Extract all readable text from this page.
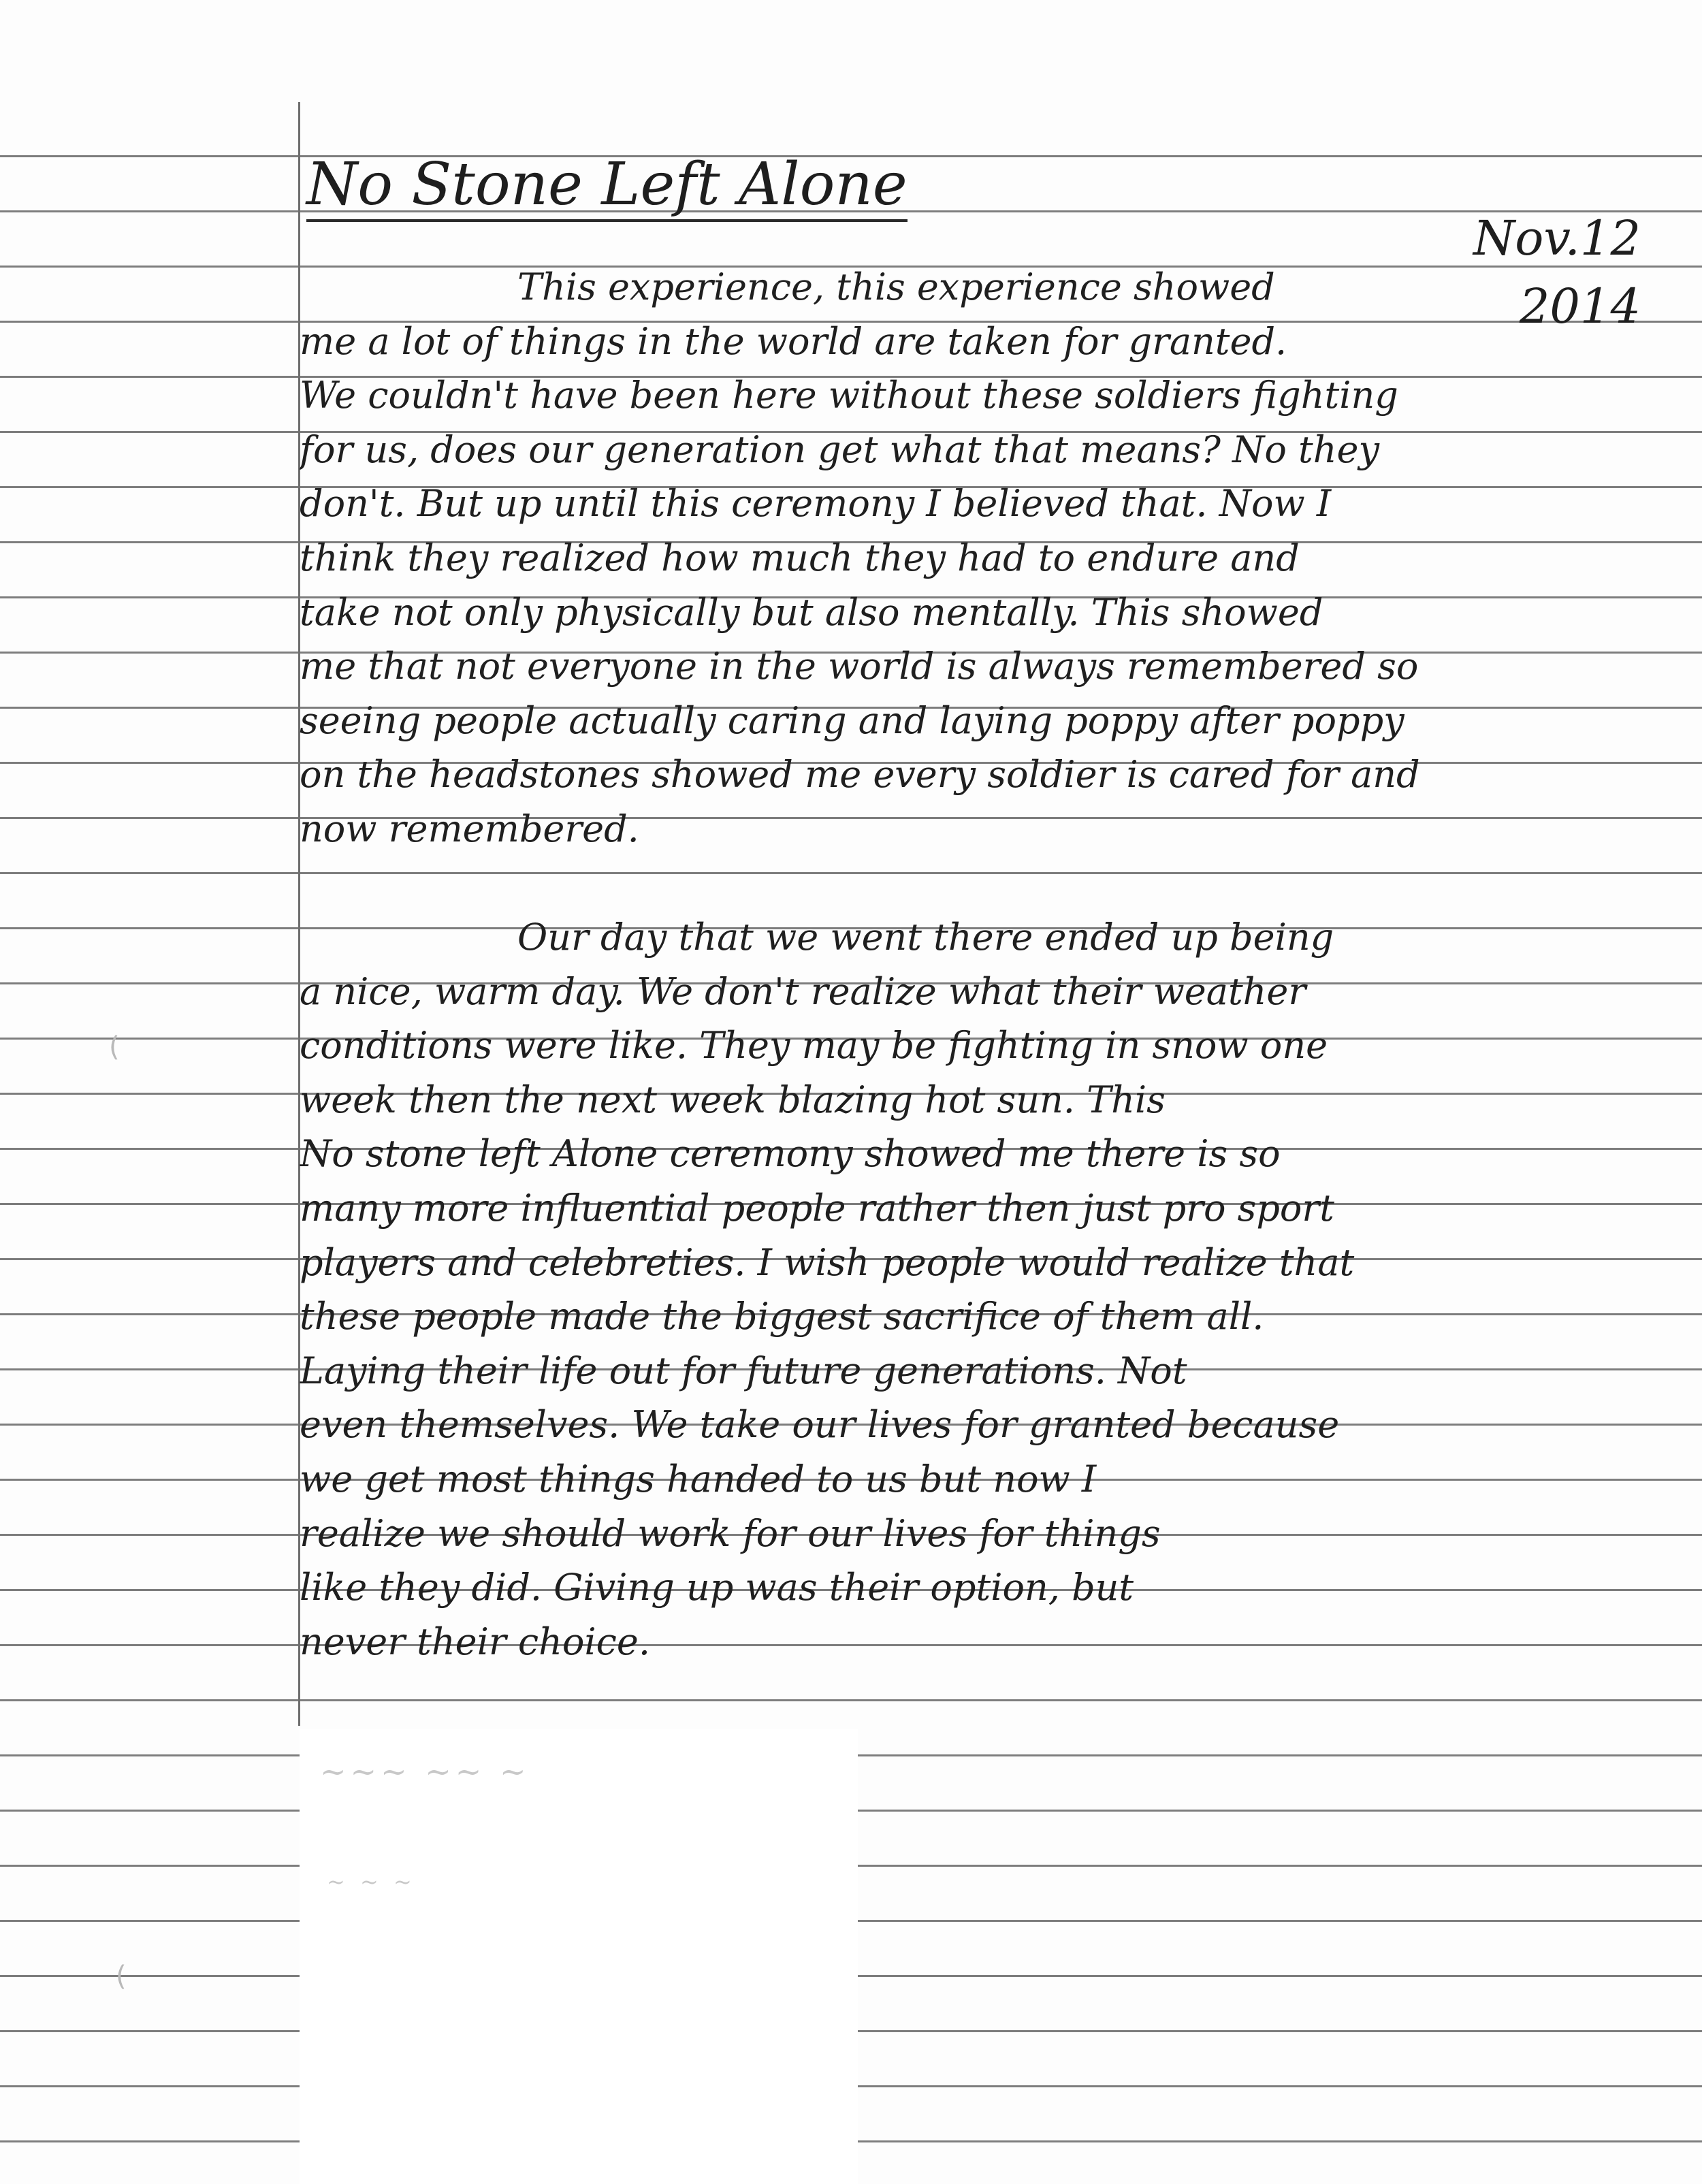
~~~ ~~ ~
~ ~ ~
(
(
No Stone Left Alone
Nov.12
2014
This experience, this experience showed
me a lot of things in the world are taken for granted.
We couldn't have been here without these soldiers fighting
for us, does our generation get what that means? No they
don't. But up until this ceremony I believed that. Now I
think they realized how much they had to endure and
take not only physically but also mentally. This showed
me that not everyone in the world is always remembered so
seeing people actually caring and laying poppy after poppy
on the headstones showed me every soldier is cared for and
now remembered.
Our day that we went there ended up being
a nice, warm day. We don't realize what their weather
conditions were like. They may be fighting in snow one
week then the next week blazing hot sun. This
No stone left Alone ceremony showed me there is so
many more influential people rather then just pro sport
players and celebreties. I wish people would realize that
these people made the biggest sacrifice of them all.
Laying their life out for future generations. Not
even themselves. We take our lives for granted because
we get most things handed to us but now I
realize we should work for our lives for things
like they did. Giving up was their option, but
never their choice.
